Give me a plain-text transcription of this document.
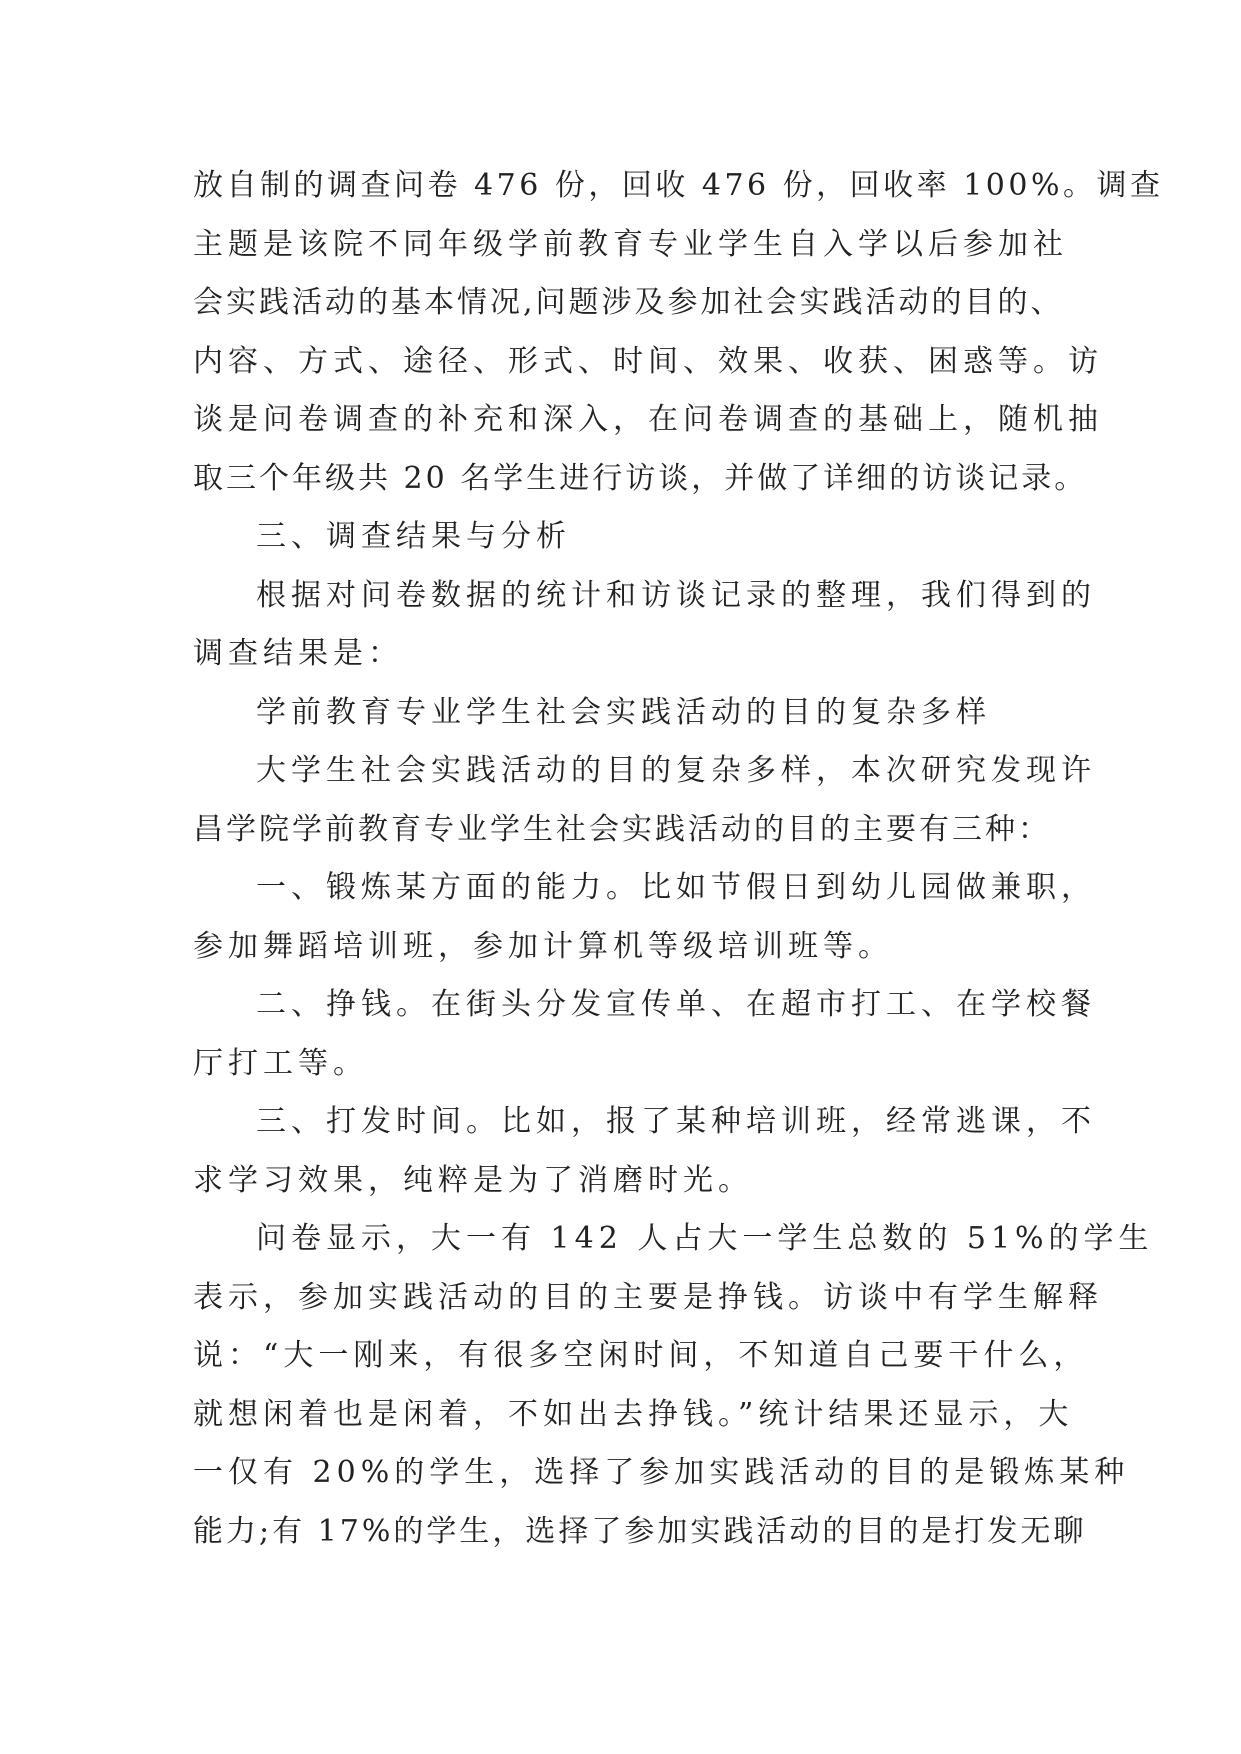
放自制的调查问卷 476 份，回收 476 份，回收率 100%。调查
主题是该院不同年级学前教育专业学生自入学以后参加社
会实践活动的基本情况,问题涉及参加社会实践活动的目的、
内容、方式、途径、形式、时间、效果、收获、困惑等。访
谈是问卷调查的补充和深入，在问卷调查的基础上，随机抽
取三个年级共 20 名学生进行访谈，并做了详细的访谈记录。
三、调查结果与分析
根据对问卷数据的统计和访谈记录的整理，我们得到的
调查结果是：
学前教育专业学生社会实践活动的目的复杂多样
大学生社会实践活动的目的复杂多样，本次研究发现许
昌学院学前教育专业学生社会实践活动的目的主要有三种：
一、锻炼某方面的能力。比如节假日到幼儿园做兼职，
参加舞蹈培训班，参加计算机等级培训班等。
二、挣钱。在街头分发宣传单、在超市打工、在学校餐
厅打工等。
三、打发时间。比如，报了某种培训班，经常逃课，不
求学习效果，纯粹是为了消磨时光。
问卷显示，大一有 142 人占大一学生总数的 51%的学生
表示，参加实践活动的目的主要是挣钱。访谈中有学生解释
说：“大一刚来，有很多空闲时间，不知道自己要干什么，
就想闲着也是闲着，不如出去挣钱。”统计结果还显示，大
一仅有 20%的学生，选择了参加实践活动的目的是锻炼某种
能力;有 17%的学生，选择了参加实践活动的目的是打发无聊
